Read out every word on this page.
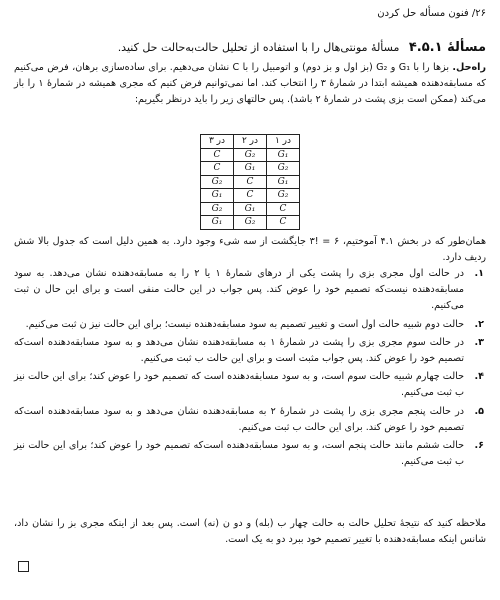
۲۶/ فنون مسأله حل کردن
مسألهٔ ۴.۵.۱ مسألهٔ مونتی‌هال را با استفاده از تحلیل حالت‌به‌حالت حل کنید.
راه‌حل. بزها را با G₁ و G₂ (بز اول و بز دوم) و اتومبیل را با C نشان می‌دهیم. برای ساده‌سازی برهان، فرض می‌کنیم که مسابقه‌دهنده همیشه ابتدا در شمارهٔ ۳ را انتخاب کند. اما نمی‌توانیم فرض کنیم که مجری همیشه در شمارهٔ ۱ را باز می‌کند (ممکن است بزی پشت در شمارهٔ ۲ باشد). پس حالتهای زیر را باید درنظر بگیریم:
در ۱	در ۲	در ۳
G₁	G₂	C
G₂	G₁	C
G₁	C	G₂
G₂	C	G₁
C	G₁	G₂
C	G₂	G₁
همان‌طور که در بخش ۴.۱ آموختیم، ۶ = !۳ جایگشت از سه شیء وجود دارد. به همین دلیل است که جدول بالا شش ردیف دارد.
۱.
در حالت اول مجری بزی را پشت یکی از درهای شمارهٔ ۱ یا ۲ را به مسابقه‌دهنده نشان می‌دهد. به سود مسابقه‌دهنده نیست‌که تصمیم خود را عوض کند. پس جواب در این حالت منفی است و برای این حال ن ثبت می‌کنیم.
۲.
حالت دوم شبیه حالت اول است و تغییر تصمیم به سود مسابقه‌دهنده نیست؛ برای این حالت نیز ن ثبت می‌کنیم.
۳.
در حالت سوم مجری بزی را پشت در شمارهٔ ۱ به مسابقه‌دهنده نشان می‌دهد و به سود مسابقه‌دهنده است‌که تصمیم خود را عوض کند. پس جواب مثبت است و برای این حالت ب ثبت می‌کنیم.
۴.
حالت چهارم شبیه حالت سوم است، و به سود مسابقه‌دهنده است که تصمیم خود را عوض کند؛ برای این حالت نیز ب ثبت می‌کنیم.
۵.
در حالت پنجم مجری بزی را پشت در شمارهٔ ۲ به مسابقه‌دهنده نشان می‌دهد و به سود مسابقه‌دهنده است‌که تصمیم خود را عوض کند. برای این حالت ب ثبت می‌کنیم.
۶.
حالت ششم مانند حالت پنجم است، و به سود مسابقه‌دهنده است‌که تصمیم خود را عوض کند؛ برای این حالت نیز ب ثبت می‌کنیم.
ملاحظه کنید که نتیجهٔ تحلیل حالت به حالت چهار ب (بله) و دو ن (نه) است. پس بعد از اینکه مجری بز را نشان داد، شانس اینکه مسابقه‌دهنده با تغییر تصمیم خود ببرد دو به یک است.
